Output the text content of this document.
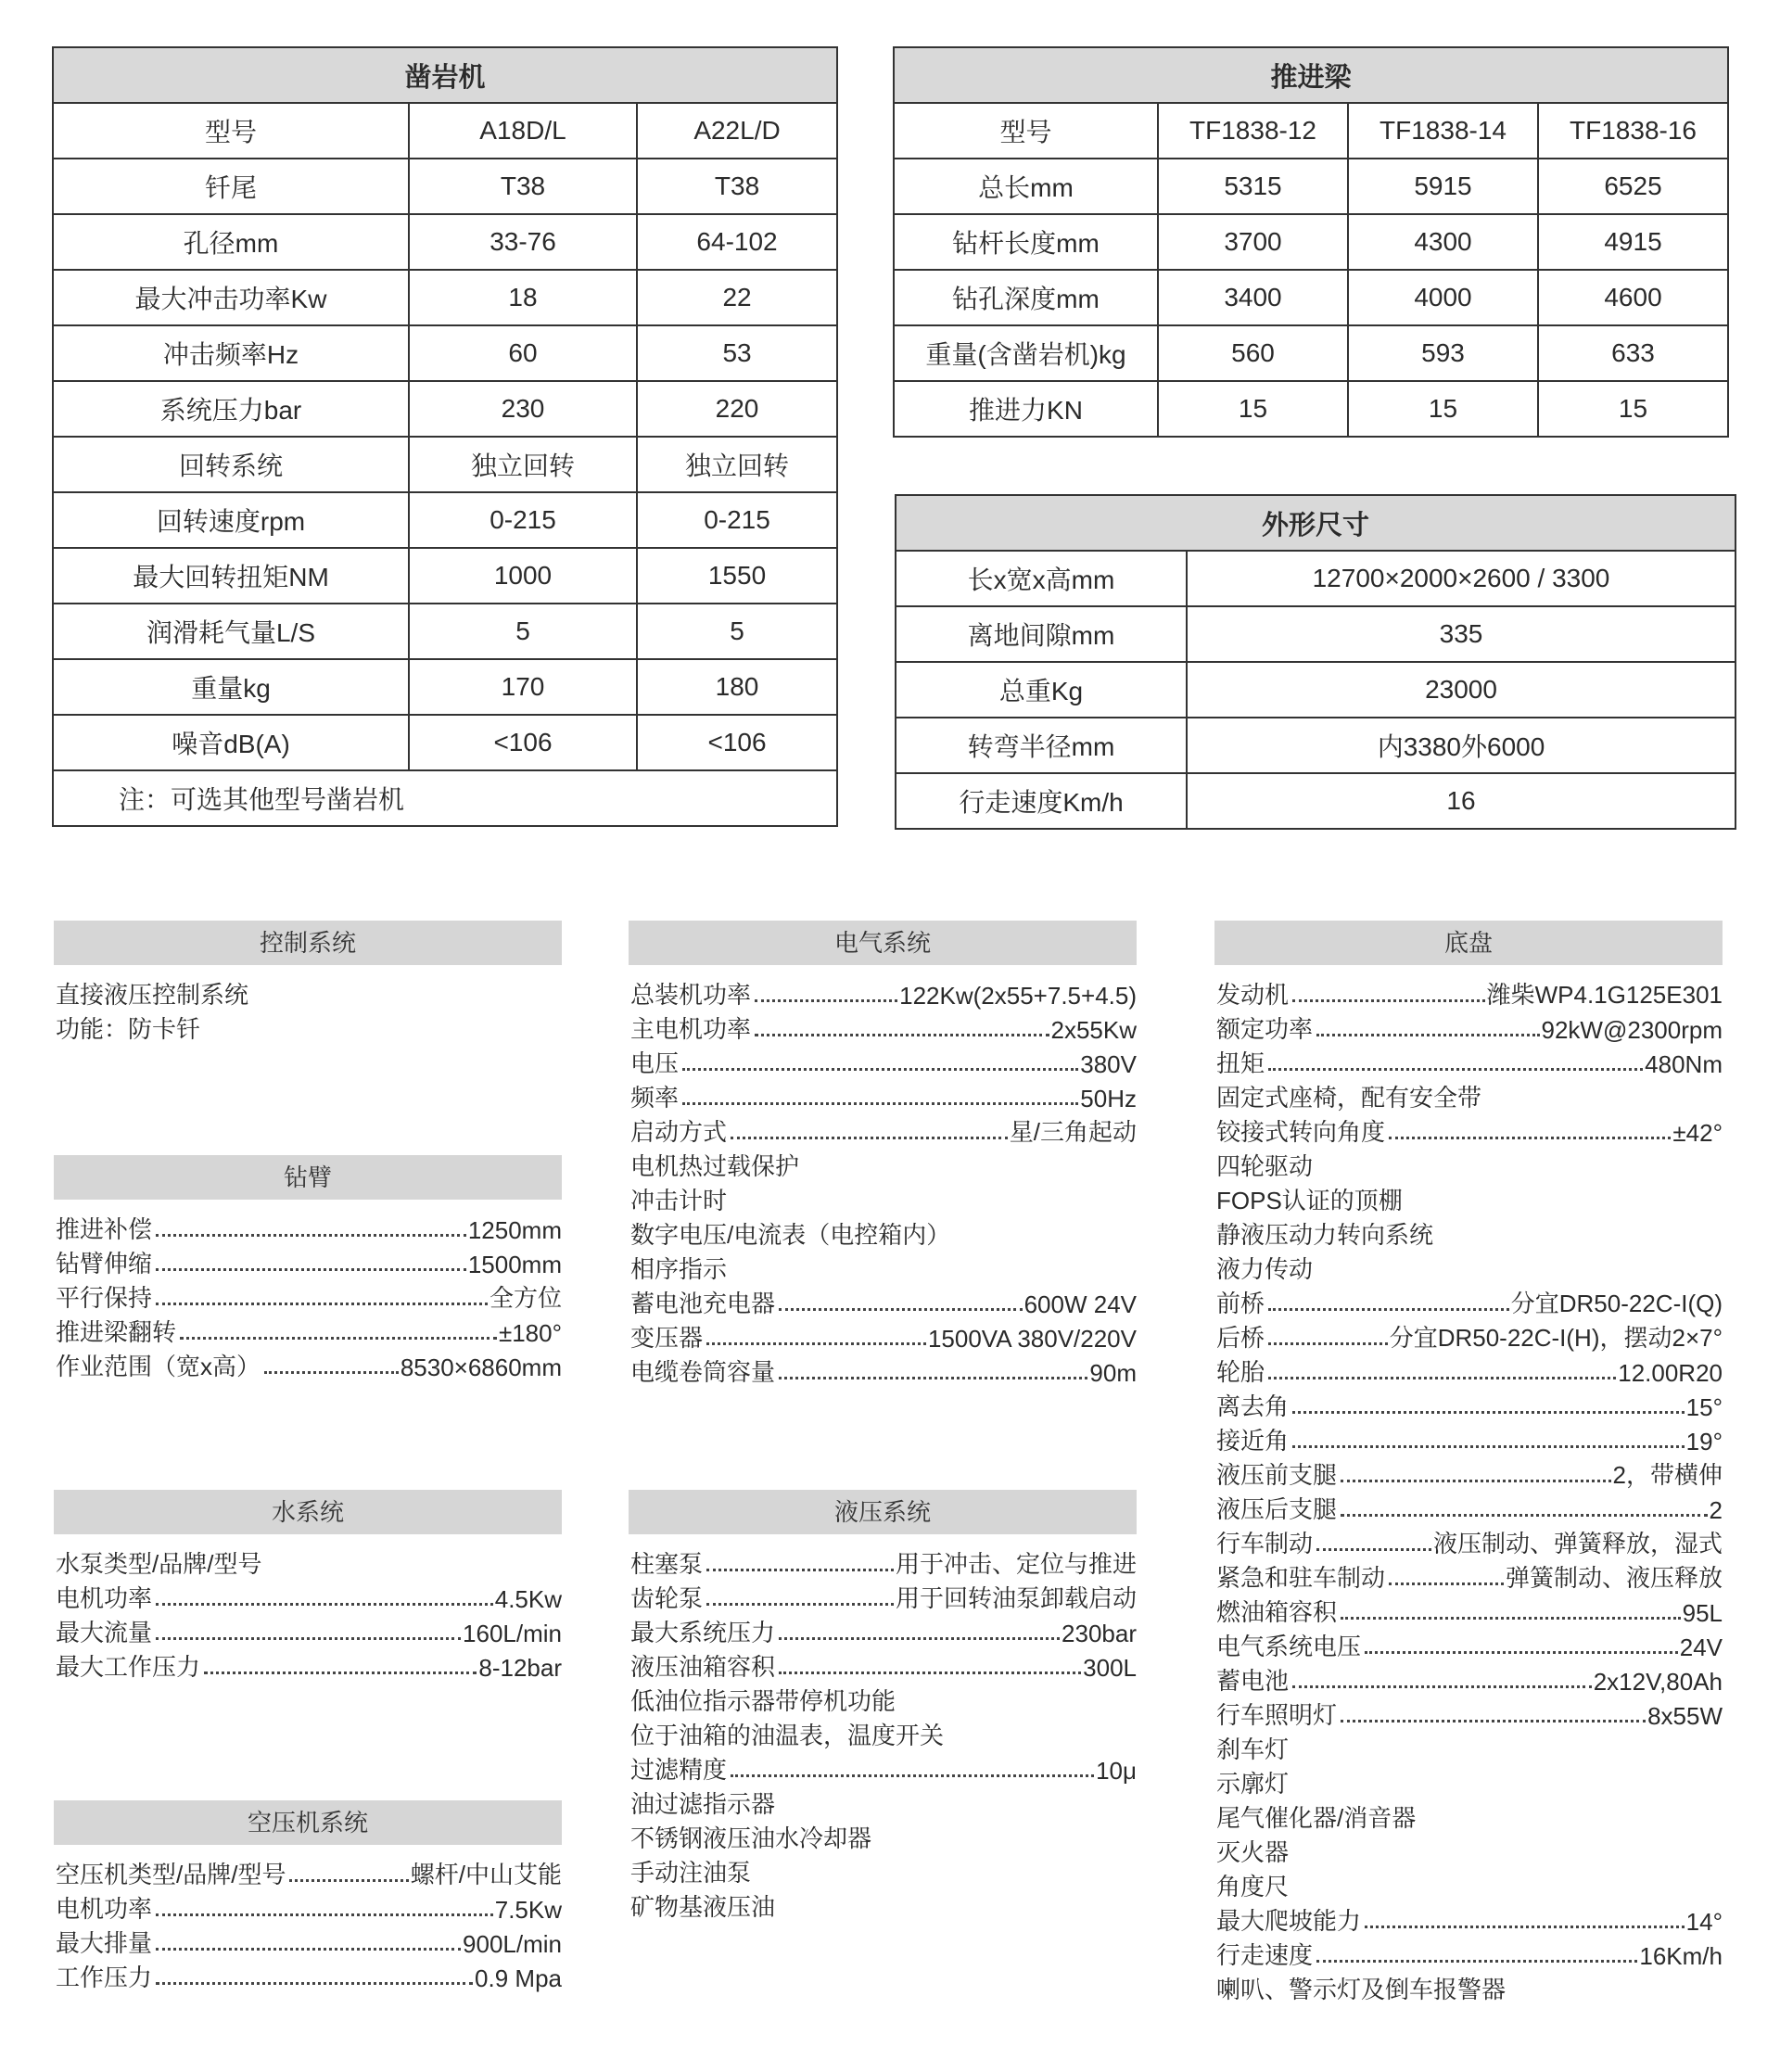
凿岩机		
型号	A18D/L	A22L/D
钎尾	T38	T38
孔径mm	33-76	64-102
最大冲击功率Kw	18	22
冲击频率Hz	60	53
系统压力bar	230	220
回转系统	独立回转	独立回转
回转速度rpm	0-215	0-215
最大回转扭矩NM	1000	1550
润滑耗气量L/S	5	5
重量kg	170	180
噪音dB(A)	<106	<106
注：可选其他型号凿岩机		
推进梁			
型号	TF1838-12	TF1838-14	TF1838-16
总长mm	5315	5915	6525
钻杆长度mm	3700	4300	4915
钻孔深度mm	3400	4000	4600
重量(含凿岩机)kg	560	593	633
推进力KN	15	15	15
外形尺寸	
长x宽x高mm	12700×2000×2600 / 3300
离地间隙mm	335
总重Kg	23000
转弯半径mm	内3380外6000
行走速度Km/h	16
控制系统
直接液压控制系统
功能：防卡钎
钻臂
推进补偿	1250mm
钻臂伸缩	1500mm
平行保持	全方位
推进梁翻转	±180°
作业范围（宽x高）	8530×6860mm
水系统
水泵类型/品牌/型号
电机功率	4.5Kw
最大流量	160L/min
最大工作压力	8-12bar
空压机系统
空压机类型/品牌/型号	螺杆/中山艾能
电机功率	7.5Kw
最大排量	900L/min
工作压力	0.9 Mpa
电气系统
总装机功率	122Kw(2x55+7.5+4.5)
主电机功率	2x55Kw
电压	380V
频率	50Hz
启动方式	星/三角起动
电机热过载保护
冲击计时
数字电压/电流表（电控箱内）
相序指示
蓄电池充电器	600W 24V
变压器	1500VA 380V/220V
电缆卷筒容量	90m
液压系统
柱塞泵	用于冲击、定位与推进
齿轮泵	用于回转油泵卸载启动
最大系统压力	230bar
液压油箱容积	300L
低油位指示器带停机功能
位于油箱的油温表，温度开关
过滤精度	10μ
油过滤指示器
不锈钢液压油水冷却器
手动注油泵
矿物基液压油
底盘
发动机	潍柴WP4.1G125E301
额定功率	92kW@2300rpm
扭矩	480Nm
固定式座椅，配有安全带
铰接式转向角度	±42°
四轮驱动
FOPS认证的顶棚
静液压动力转向系统
液力传动
前桥	分宜DR50-22C-I(Q)
后桥	分宜DR50-22C-I(H)，摆动2×7°
轮胎	12.00R20
离去角	15°
接近角	19°
液压前支腿	2，带横伸
液压后支腿	2
行车制动	液压制动、弹簧释放，湿式
紧急和驻车制动	弹簧制动、液压释放
燃油箱容积	95L
电气系统电压	24V
蓄电池	2x12V,80Ah
行车照明灯	8x55W
刹车灯
示廓灯
尾气催化器/消音器
灭火器
角度尺
最大爬坡能力	14°
行走速度	16Km/h
喇叭、警示灯及倒车报警器
